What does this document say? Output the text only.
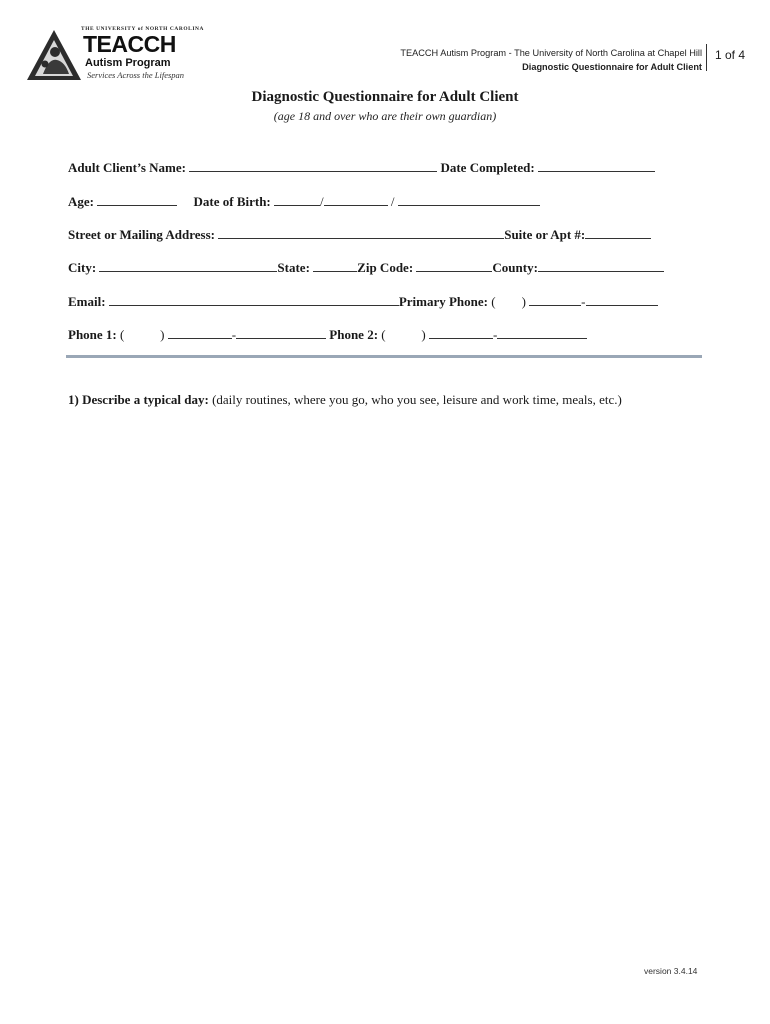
THE UNIVERSITY of NORTH CAROLINA
TEACCH
Autism Program
Services Across the Lifespan
TEACCH Autism Program - The University of North Carolina at Chapel Hill
Diagnostic Questionnaire for Adult Client
1 of 4
Diagnostic Questionnaire for Adult Client
(age 18 and over who are their own guardian)
Adult Client’s Name:	Date Completed:
Age:	Date of Birth:	/	/
Street or Mailing Address:	Suite or Apt #:
City:	State:	Zip Code:	County:
Email:	Primary Phone: ( )	-
Phone 1: (	)	-	Phone 2: (	)	-
1) Describe a typical day: (daily routines, where you go, who you see, leisure and work time, meals, etc.)
version 3.4.14
